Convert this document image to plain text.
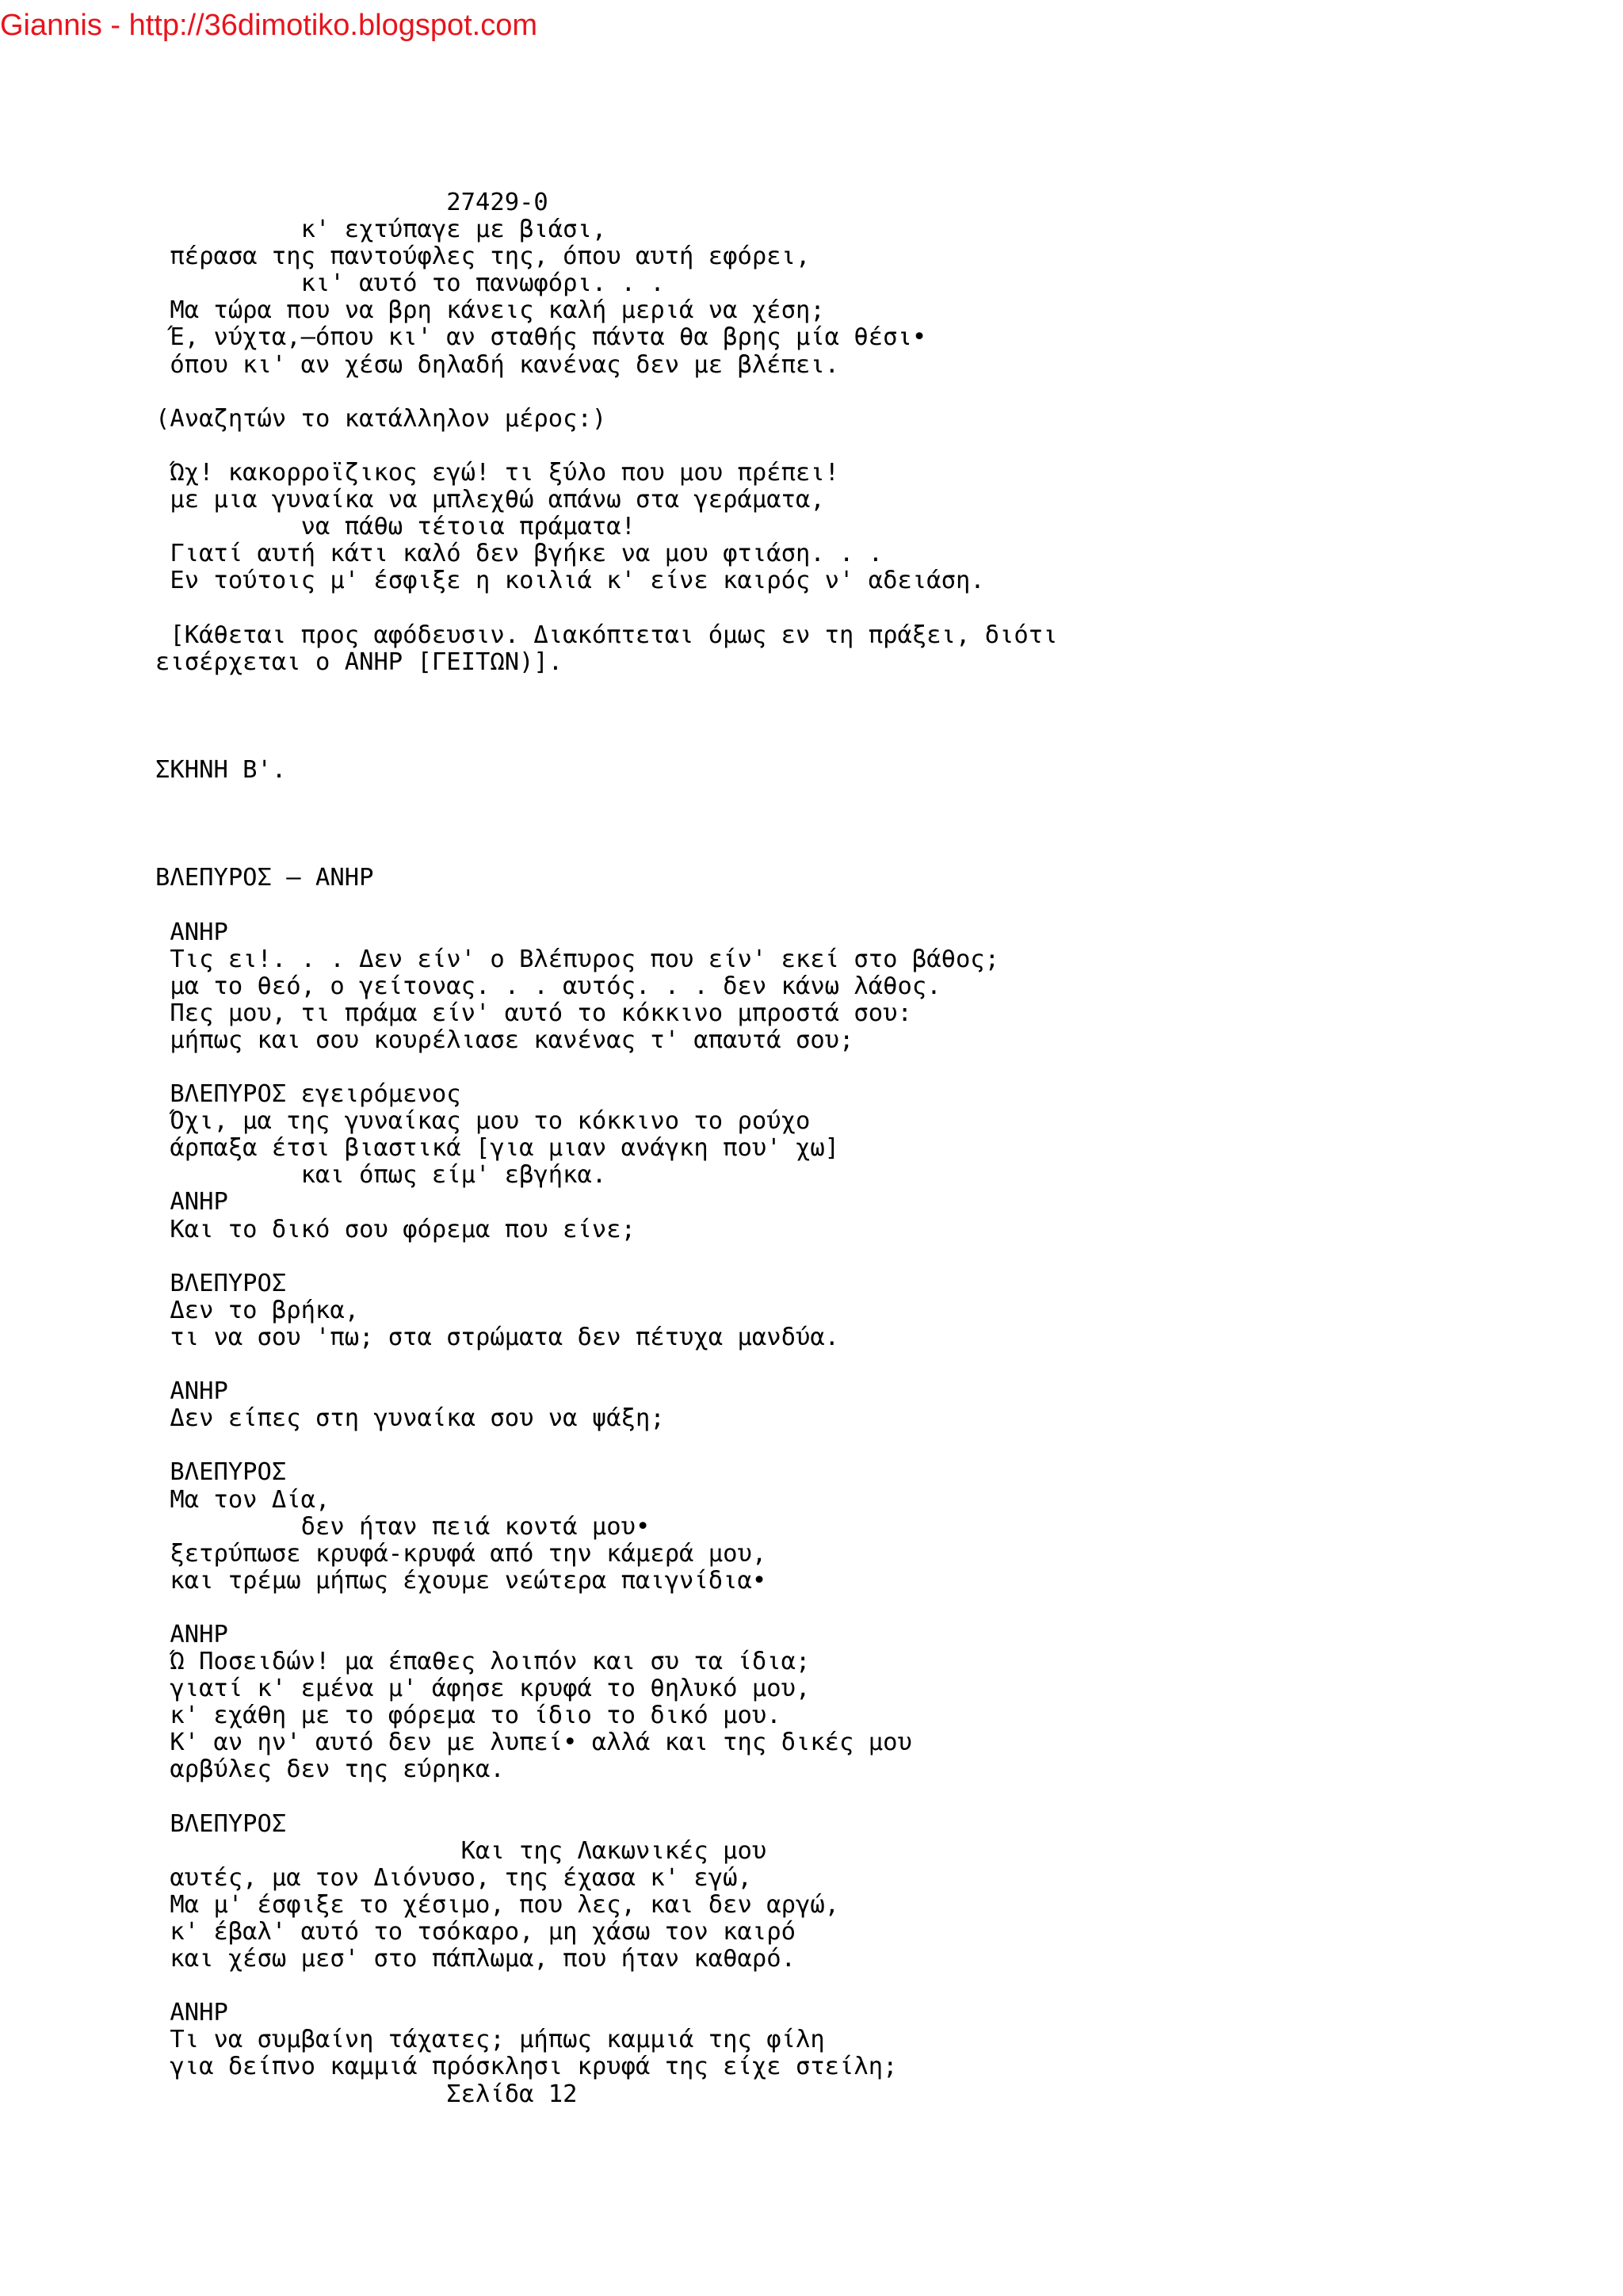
Giannis - http://36dimotiko.blogspot.com
27429-0
κ' εχτύπαγε με βιάσι,
πέρασα της παντούφλες της, όπου αυτή εφόρει,
κι' αυτό το πανωφόρι. . .
Μα τώρα που να βρη κάνεις καλή μεριά να χέση;
Έ, νύχτα,—όπου κι' αν σταθής πάντα θα βρης μία θέσι•
όπου κι' αν χέσω δηλαδή κανένας δεν με βλέπει.
(Αναζητών το κατάλληλον μέρος:)
Ώχ! κακορροϊζικος εγώ! τι ξύλο που μου πρέπει!
με μια γυναίκα να μπλεχθώ απάνω στα γεράματα,
να πάθω τέτοια πράματα!
Γιατί αυτή κάτι καλό δεν βγήκε να μου φτιάση. . .
Εν τούτοις μ' έσφιξε η κοιλιά κ' είνε καιρός ν' αδειάση.
[Κάθεται προς αφόδευσιν. Διακόπτεται όμως εν τη πράξει, διότι
εισέρχεται ο ΑΝΗΡ [ΓΕΙΤΩΝ)].
ΣΚΗΝΗ Β'.
ΒΛΕΠΥΡΟΣ — ΑΝΗΡ
ΑΝΗΡ
Τις ει!. . . Δεν είν' ο Βλέπυρος που είν' εκεί στο βάθος;
μα το θεό, ο γείτονας. . . αυτός. . . δεν κάνω λάθος.
Πες μου, τι πράμα είν' αυτό το κόκκινο μπροστά σου:
μήπως και σου κουρέλιασε κανένας τ' απαυτά σου;
ΒΛΕΠΥΡΟΣ εγειρόμενος
Όχι, μα της γυναίκας μου το κόκκινο το ρούχο
άρπαξα έτσι βιαστικά [για μιαν ανάγκη που' χω]
και όπως είμ' εβγήκα.
ΑΝΗΡ
Και το δικό σου φόρεμα που είνε;
ΒΛΕΠΥΡΟΣ
Δεν το βρήκα,
τι να σου 'πω; στα στρώματα δεν πέτυχα μανδύα.
ΑΝΗΡ
Δεν είπες στη γυναίκα σου να ψάξη;
ΒΛΕΠΥΡΟΣ
Μα τον Δία,
δεν ήταν πειά κοντά μου•
ξετρύπωσε κρυφά-κρυφά από την κάμερά μου,
και τρέμω μήπως έχουμε νεώτερα παιγνίδια•
ΑΝΗΡ
Ώ Ποσειδών! μα έπαθες λοιπόν και συ τα ίδια;
γιατί κ' εμένα μ' άφησε κρυφά το θηλυκό μου,
κ' εχάθη με το φόρεμα το ίδιο το δικό μου.
Κ' αν ην' αυτό δεν με λυπεί• αλλά και της δικές μου
αρβύλες δεν της εύρηκα.
ΒΛΕΠΥΡΟΣ
Και της Λακωνικές μου
αυτές, μα τον Διόνυσο, της έχασα κ' εγώ,
Μα μ' έσφιξε το χέσιμο, που λες, και δεν αργώ,
κ' έβαλ' αυτό το τσόκαρο, μη χάσω τον καιρό
και χέσω μεσ' στο πάπλωμα, που ήταν καθαρό.
ΑΝΗΡ
Τι να συμβαίνη τάχατες; μήπως καμμιά της φίλη
για δείπνο καμμιά πρόσκλησι κρυφά της είχε στείλη;
Σελίδα 12
